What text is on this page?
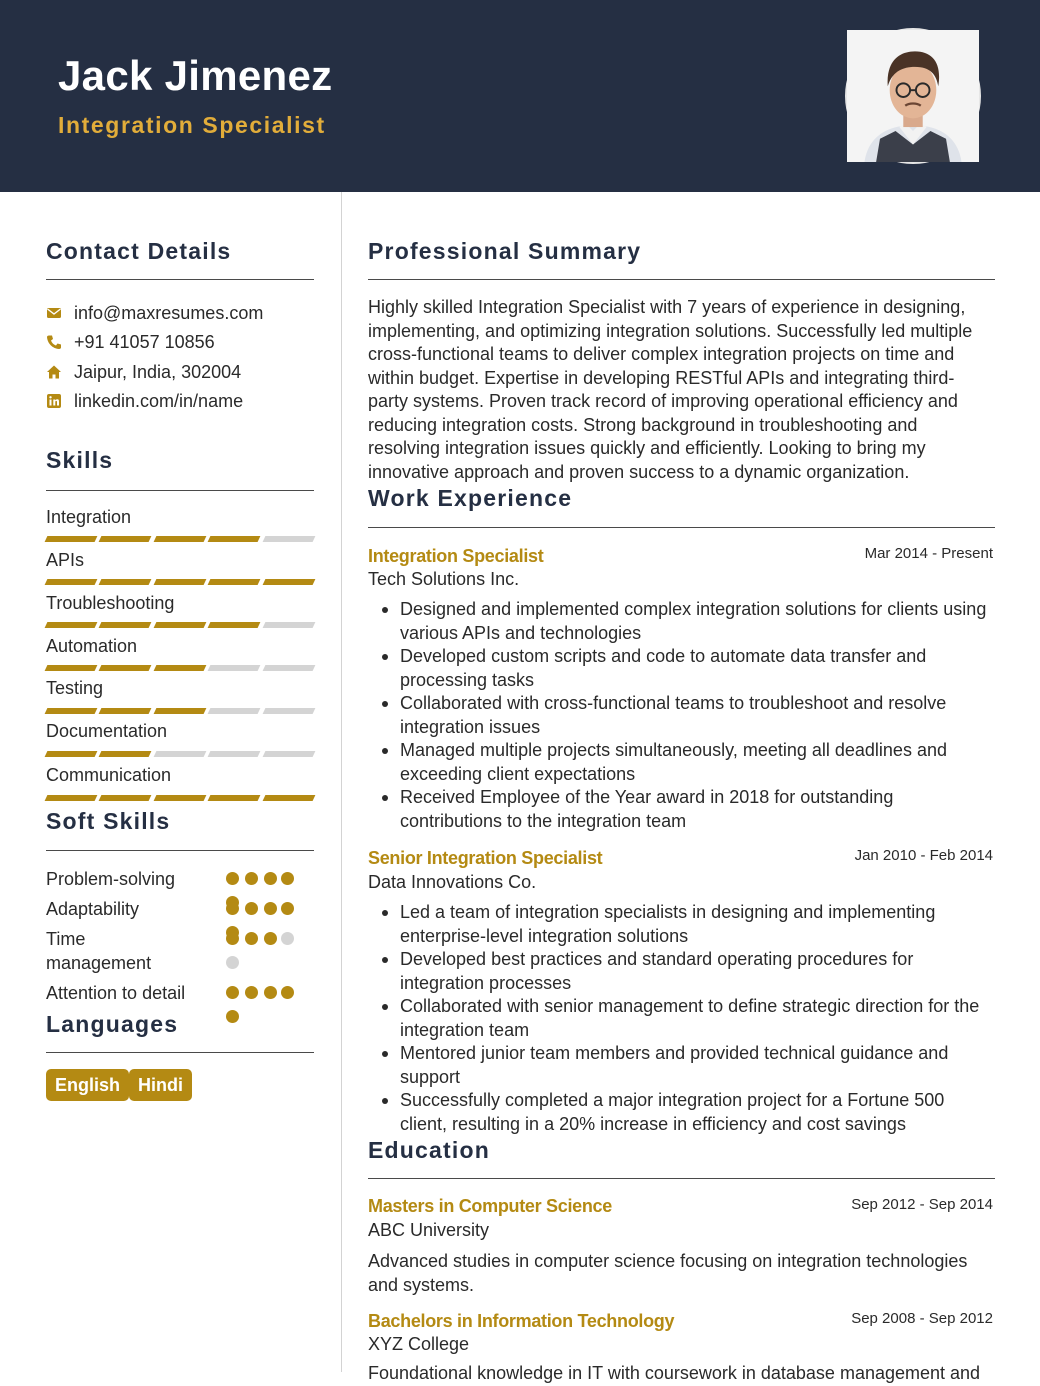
Jack Jimenez
Integration Specialist
Contact Details
info@maxresumes.com
+91 41057 10856
Jaipur, India, 302004
linkedin.com/in/name
Skills
Integration
APIs
Troubleshooting
Automation
Testing
Documentation
Communication
Soft Skills
Problem-solving
Adaptability
Time management
Attention to detail
Languages
English Hindi
Professional Summary
Highly skilled Integration Specialist with 7 years of experience in designing, implementing, and optimizing integration solutions. Successfully led multiple cross-functional teams to deliver complex integration projects on time and within budget. Expertise in developing RESTful APIs and integrating third-party systems. Proven track record of improving operational efficiency and reducing integration costs. Strong background in troubleshooting and resolving integration issues quickly and efficiently. Looking to bring my innovative approach and proven success to a dynamic organization.
Work Experience
Integration Specialist	Mar 2014 - Present
Tech Solutions Inc.
Designed and implemented complex integration solutions for clients using various APIs and technologies
Developed custom scripts and code to automate data transfer and processing tasks
Collaborated with cross-functional teams to troubleshoot and resolve integration issues
Managed multiple projects simultaneously, meeting all deadlines and exceeding client expectations
Received Employee of the Year award in 2018 for outstanding contributions to the integration team
Senior Integration Specialist	Jan 2010 - Feb 2014
Data Innovations Co.
Led a team of integration specialists in designing and implementing enterprise-level integration solutions
Developed best practices and standard operating procedures for integration processes
Collaborated with senior management to define strategic direction for the integration team
Mentored junior team members and provided technical guidance and support
Successfully completed a major integration project for a Fortune 500 client, resulting in a 20% increase in efficiency and cost savings
Education
Masters in Computer Science	Sep 2012 - Sep 2014
ABC University
Advanced studies in computer science focusing on integration technologies and systems.
Bachelors in Information Technology	Sep 2008 - Sep 2012
XYZ College
Foundational knowledge in IT with coursework in database management and
